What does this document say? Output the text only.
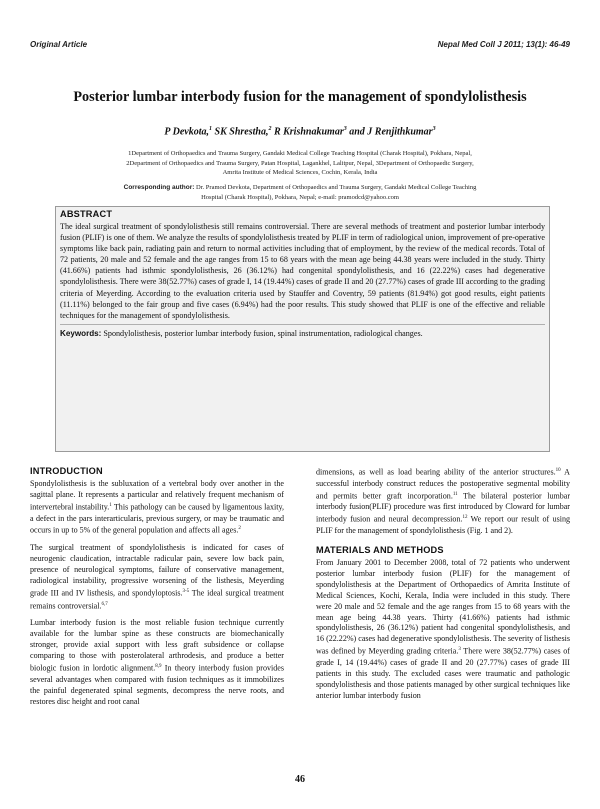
Original Article	Nepal Med Coll J 2011; 13(1): 46-49
Posterior lumbar interbody fusion for the management of spondylolisthesis
P Devkota,$^1$ SK Shrestha,$^2$ R Krishnakumar$^3$ and J Renjithkumar$^3$
1Department of Orthopaedics and Trauma Surgery, Gandaki Medical College Teaching Hospital (Charak Hospital), Pokhara, Nepal,
2Department of Orthopaedics and Trauma Surgery, Patan Hospital, Lagankhel, Lalitpur, Nepal, 3Department of Orthopaedic Surgery,
Amrita Institute of Medical Sciences, Cochin, Kerala, India
Corresponding author: Dr. Pramod Devkota, Department of Orthopaedics and Trauma Surgery, Gandaki Medical College Teaching
Hospital (Charak Hospital), Pokhara, Nepal; e-mail: pramodcd@yahoo.com
ABSTRACT

The ideal surgical treatment of spondylolisthesis still remains controversial. There are several methods of treatment and posterior lumbar interbody fusion (PLIF) is one of them. We analyze the results of spondylolisthesis treated by PLIF in term of radiological union, improvement of pre-operative symptoms like back pain, radiating pain and return to normal activities including that of employment, by the review of the medical records. Total of 72 patients, 20 male and 52 female and the age ranges from 15 to 68 years with the mean age being 44.38 years were included in the study. Thirty (41.66%) patients had isthmic spondylolisthesis, 26 (36.12%) had congenital spondylolisthesis, and 16 (22.22%) cases had degenerative spondylolisthesis. There were 38(52.77%) cases of grade I, 14 (19.44%) cases of grade II and 20 (27.77%) cases of grade III according to the grading criteria of Meyerding. According to the evaluation criteria used by Stauffer and Coventry, 59 patients (81.94%) got good results, eight patients (11.11%) belonged to the fair group and five cases (6.94%) had the poor results. This study showed that PLIF is one of the effective and reliable techniques for the management of spondylolisthesis.

Keywords: Spondylolisthesis, posterior lumbar interbody fusion, spinal instrumentation, radiological changes.
INTRODUCTION

Spondylolisthesis is the subluxation of a vertebral body over another in the sagittal plane. It represents a particular and relatively frequent mechanism of intervertebral instability.$^1$ This pathology can be caused by ligamentous laxity, a defect in the pars interarticularis, previous surgery, or may be traumatic and occurs in up to 5% of the general population and affects all ages.$^2$

The surgical treatment of spondylolisthesis is indicated for cases of neurogenic claudication, intractable radicular pain, severe low back pain, presence of neurological symptoms, failure of conservative management, radiological instability, progressive worsening of the listhesis, Meyerding grade III and IV listhesis, and spondyloptosis.$^{3-5}$ The ideal surgical treatment remains controversial.$^{6,7}$

Lumbar interbody fusion is the most reliable fusion technique currently available for the lumbar spine as these constructs are biomechanically stronger, provide axial support with less graft subsidence or collapse comparing to those with posterolateral arthrodesis, and produce a better biologic fusion in lordotic alignment.$^{8,9}$ In theory interbody fusion provides several advantages when compared with fusion techniques as it immobilizes the painful degenerated spinal segments, decompress the nerve roots, and restores disc height and root canal

dimensions, as well as load bearing ability of the anterior structures.$^{10}$ A successful interbody construct reduces the postoperative segmental mobility and permits better graft incorporation.$^{11}$ The bilateral posterior lumbar interbody fusion(PLIF) procedure was first introduced by Cloward for lumbar interbody fusion and neural decompression.$^{12}$ We report our result of using PLIF for the management of spondylolisthesis (Fig. 1 and 2).

MATERIALS AND METHODS

From January 2001 to December 2008, total of 72 patients who underwent posterior lumbar interbody fusion (PLIF) for the management of spondylolisthesis at the Department of Orthopaedics of Amrita Institute of Medical Sciences, Kochi, Kerala, India were included in this study. There were 20 male and 52 female and the age ranges from 15 to 68 years with the mean age being 44.38 years. Thirty (41.66%) patients had isthmic spondylolisthesis, 26 (36.12%) patient had congenital spondylolisthesis, and 16 (22.22%) cases had degenerative spondylolisthesis. The severity of listhesis was defined by Meyerding grading criteria.$^3$ There were 38(52.77%) cases of grade I, 14 (19.44%) cases of grade II and 20 (27.77%) cases of grade III patients in this study. The excluded cases were traumatic and pathologic spondylolisthesis and those patients managed by other surgical techniques like anterior lumbar interbody fusion

46
